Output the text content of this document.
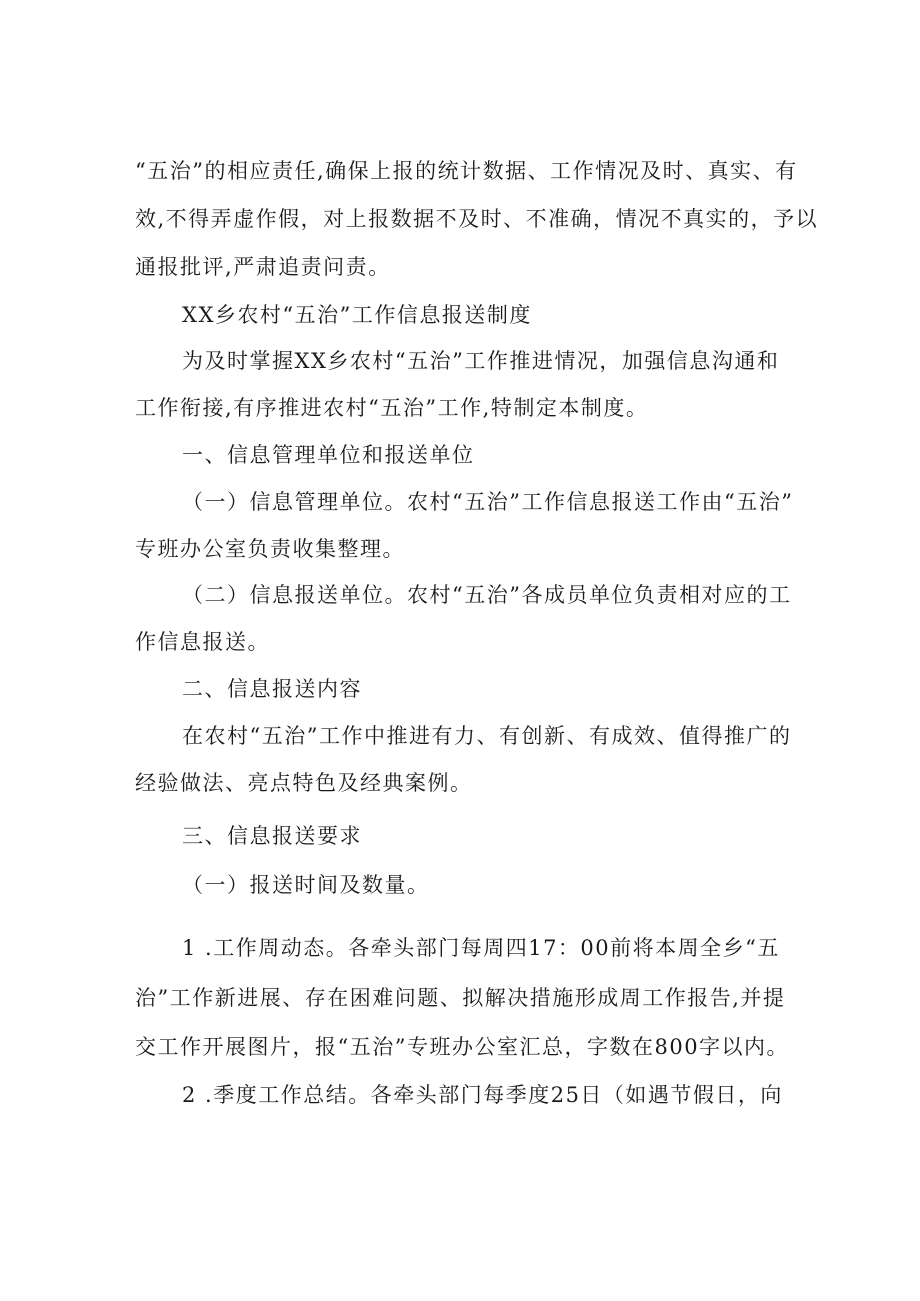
“五治”的相应责任,确保上报的统计数据、工作情况及时、真实、有
效,不得弄虚作假，对上报数据不及时、不准确，情况不真实的，予以
通报批评,严肃追责问责。
XX乡农村“五治”工作信息报送制度
为及时掌握XX乡农村“五治”工作推进情况，加强信息沟通和
工作衔接,有序推进农村“五治”工作,特制定本制度。
一、信息管理单位和报送单位
（一）信息管理单位。农村“五治”工作信息报送工作由“五治”
专班办公室负责收集整理。
（二）信息报送单位。农村“五治”各成员单位负责相对应的工
作信息报送。
二、信息报送内容
在农村“五治”工作中推进有力、有创新、有成效、值得推广的
经验做法、亮点特色及经典案例。
三、信息报送要求
（一）报送时间及数量。
1 .工作周动态。各牵头部门每周四17：00前将本周全乡“五
治”工作新进展、存在困难问题、拟解决措施形成周工作报告,并提
交工作开展图片，报“五治”专班办公室汇总，字数在800字以内。
2 .季度工作总结。各牵头部门每季度25日（如遇节假日，向
